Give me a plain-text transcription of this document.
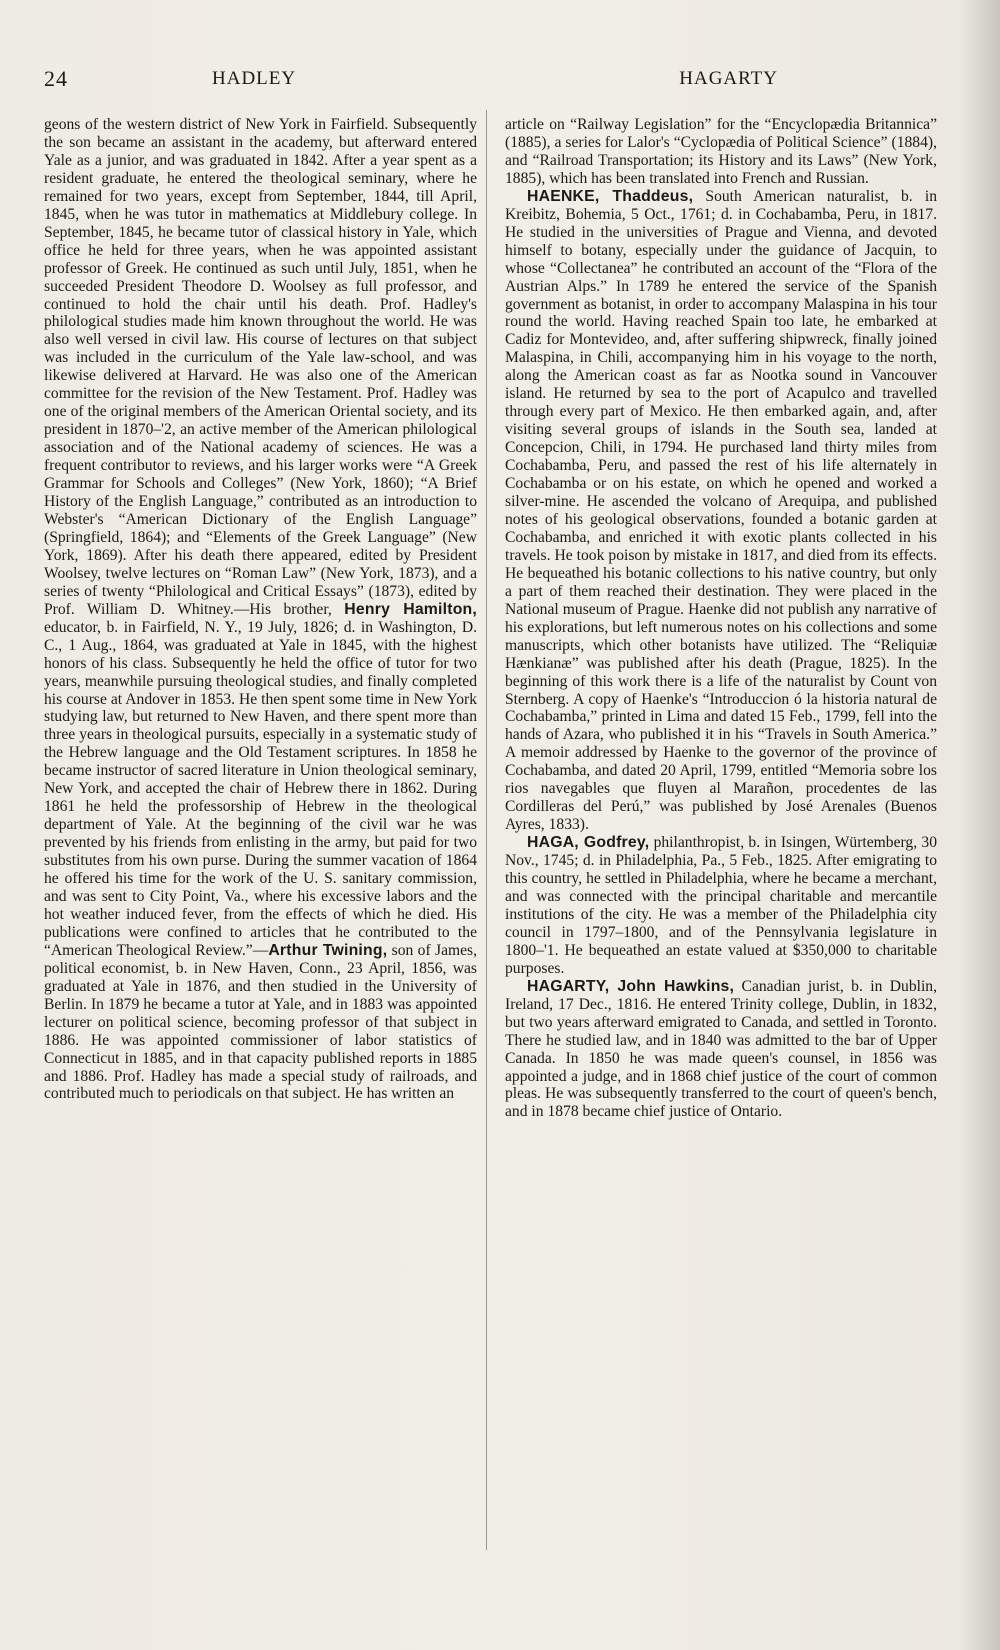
24	HADLEY	HAGARTY

geons of the western district of New York in Fairfield. Subsequently the son became an assistant in the academy, but afterward entered Yale as a junior, and was graduated in 1842. After a year spent as a resident graduate, he entered the theological seminary, where he remained for two years, except from September, 1844, till April, 1845, when he was tutor in mathematics at Middlebury college. In September, 1845, he became tutor of classical history in Yale, which office he held for three years, when he was appointed assistant professor of Greek. He continued as such until July, 1851, when he succeeded President Theodore D. Woolsey as full professor, and continued to hold the chair until his death. Prof. Hadley's philological studies made him known throughout the world. He was also well versed in civil law. His course of lectures on that subject was included in the curriculum of the Yale law-school, and was likewise delivered at Harvard. He was also one of the American committee for the revision of the New Testament. Prof. Hadley was one of the original members of the American Oriental society, and its president in 1870–'2, an active member of the American philological association and of the National academy of sciences. He was a frequent contributor to reviews, and his larger works were “A Greek Grammar for Schools and Colleges” (New York, 1860); “A Brief History of the English Language,” contributed as an introduction to Webster's “American Dictionary of the English Language” (Springfield, 1864); and “Elements of the Greek Language” (New York, 1869). After his death there appeared, edited by President Woolsey, twelve lectures on “Roman Law” (New York, 1873), and a series of twenty “Philological and Critical Essays” (1873), edited by Prof. William D. Whitney.—His brother, Henry Hamilton, educator, b. in Fairfield, N. Y., 19 July, 1826; d. in Washington, D. C., 1 Aug., 1864, was graduated at Yale in 1845, with the highest honors of his class. Subsequently he held the office of tutor for two years, meanwhile pursuing theological studies, and finally completed his course at Andover in 1853. He then spent some time in New York studying law, but returned to New Haven, and there spent more than three years in theological pursuits, especially in a systematic study of the Hebrew language and the Old Testament scriptures. In 1858 he became instructor of sacred literature in Union theological seminary, New York, and accepted the chair of Hebrew there in 1862. During 1861 he held the professorship of Hebrew in the theological department of Yale. At the beginning of the civil war he was prevented by his friends from enlisting in the army, but paid for two substitutes from his own purse. During the summer vacation of 1864 he offered his time for the work of the U. S. sanitary commission, and was sent to City Point, Va., where his excessive labors and the hot weather induced fever, from the effects of which he died. His publications were confined to articles that he contributed to the “American Theological Review.”—Arthur Twining, son of James, political economist, b. in New Haven, Conn., 23 April, 1856, was graduated at Yale in 1876, and then studied in the University of Berlin. In 1879 he became a tutor at Yale, and in 1883 was appointed lecturer on political science, becoming professor of that subject in 1886. He was appointed commissioner of labor statistics of Connecticut in 1885, and in that capacity published reports in 1885 and 1886. Prof. Hadley has made a special study of railroads, and contributed much to periodicals on that subject. He has written an

article on “Railway Legislation” for the “Encyclopædia Britannica” (1885), a series for Lalor's “Cyclopædia of Political Science” (1884), and “Railroad Transportation; its History and its Laws” (New York, 1885), which has been translated into French and Russian.

HAENKE, Thaddeus, South American naturalist, b. in Kreibitz, Bohemia, 5 Oct., 1761; d. in Cochabamba, Peru, in 1817. He studied in the universities of Prague and Vienna, and devoted himself to botany, especially under the guidance of Jacquin, to whose “Collectanea” he contributed an account of the “Flora of the Austrian Alps.” In 1789 he entered the service of the Spanish government as botanist, in order to accompany Malaspina in his tour round the world. Having reached Spain too late, he embarked at Cadiz for Montevideo, and, after suffering shipwreck, finally joined Malaspina, in Chili, accompanying him in his voyage to the north, along the American coast as far as Nootka sound in Vancouver island. He returned by sea to the port of Acapulco and travelled through every part of Mexico. He then embarked again, and, after visiting several groups of islands in the South sea, landed at Concepcion, Chili, in 1794. He purchased land thirty miles from Cochabamba, Peru, and passed the rest of his life alternately in Cochabamba or on his estate, on which he opened and worked a silver-mine. He ascended the volcano of Arequipa, and published notes of his geological observations, founded a botanic garden at Cochabamba, and enriched it with exotic plants collected in his travels. He took poison by mistake in 1817, and died from its effects. He bequeathed his botanic collections to his native country, but only a part of them reached their destination. They were placed in the National museum of Prague. Haenke did not publish any narrative of his explorations, but left numerous notes on his collections and some manuscripts, which other botanists have utilized. The “Reliquiæ Hænkianæ” was published after his death (Prague, 1825). In the beginning of this work there is a life of the naturalist by Count von Sternberg. A copy of Haenke's “Introduccion ó la historia natural de Cochabamba,” printed in Lima and dated 15 Feb., 1799, fell into the hands of Azara, who published it in his “Travels in South America.” A memoir addressed by Haenke to the governor of the province of Cochabamba, and dated 20 April, 1799, entitled “Memoria sobre los rios navegables que fluyen al Marañon, procedentes de las Cordilleras del Perú,” was published by José Arenales (Buenos Ayres, 1833).

HAGA, Godfrey, philanthropist, b. in Isingen, Würtemberg, 30 Nov., 1745; d. in Philadelphia, Pa., 5 Feb., 1825. After emigrating to this country, he settled in Philadelphia, where he became a merchant, and was connected with the principal charitable and mercantile institutions of the city. He was a member of the Philadelphia city council in 1797–1800, and of the Pennsylvania legislature in 1800–'1. He bequeathed an estate valued at $350,000 to charitable purposes.

HAGARTY, John Hawkins, Canadian jurist, b. in Dublin, Ireland, 17 Dec., 1816. He entered Trinity college, Dublin, in 1832, but two years afterward emigrated to Canada, and settled in Toronto. There he studied law, and in 1840 was admitted to the bar of Upper Canada. In 1850 he was made queen's counsel, in 1856 was appointed a judge, and in 1868 chief justice of the court of common pleas. He was subsequently transferred to the court of queen's bench, and in 1878 became chief justice of Ontario.
